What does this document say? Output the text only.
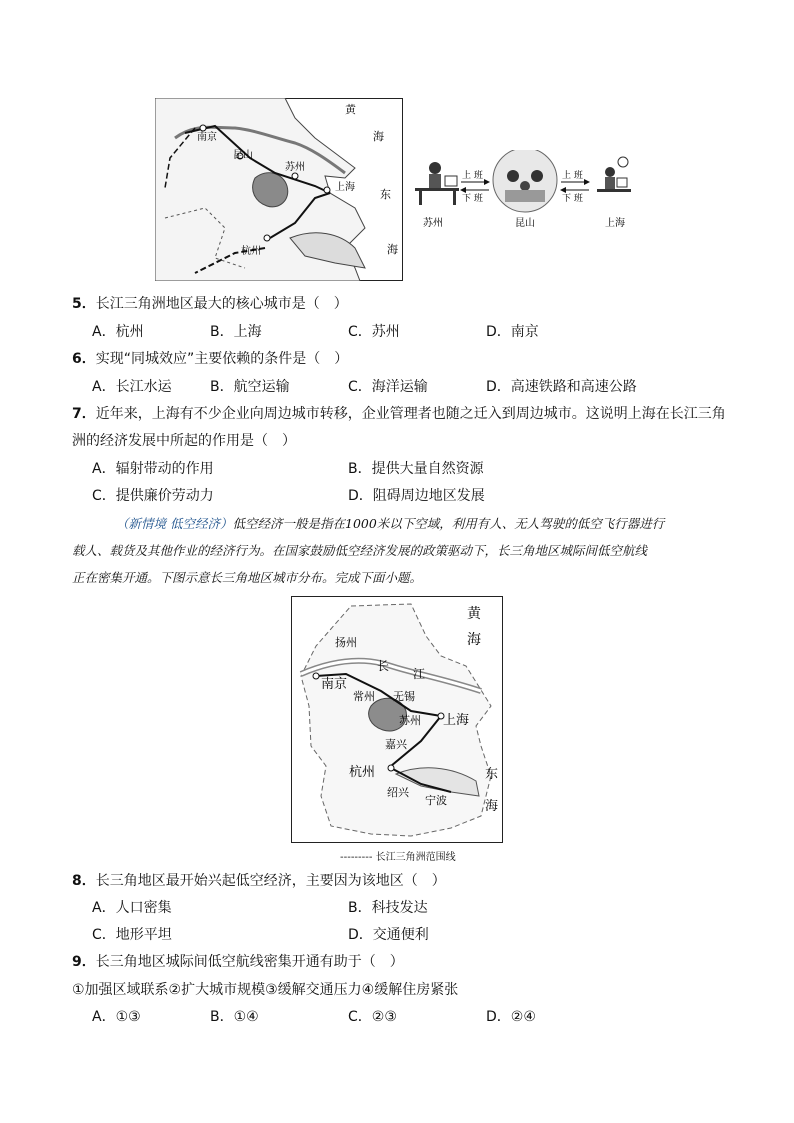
黄
海
东
海
南京
昆山
苏州
上海
杭州
上 班
下 班
上 班
下 班
苏州	昆山	上海
5．长江三角洲地区最大的核心城市是（　）
A．杭州	B．上海	C．苏州	D．南京
6．实现“同城效应”主要依赖的条件是（　）
A．长江水运	B．航空运输	C．海洋运输	D．高速铁路和高速公路
7．近年来，上海有不少企业向周边城市转移，企业管理者也随之迁入到周边城市。这说明上海在长江三角
洲的经济发展中所起的作用是（　）
A．辐射带动的作用	B．提供大量自然资源
C．提供廉价劳动力	D．阻碍周边地区发展
（新情境 低空经济）低空经济一般是指在1000米以下空域，利用有人、无人驾驶的低空飞行器进行
载人、载货及其他作业的经济行为。在国家鼓励低空经济发展的政策驱动下，长三角地区城际间低空航线
正在密集开通。下图示意长三角地区城市分布。完成下面小题。
黄
海
东
海
扬州
长
江
南京
常州 无锡
苏州 上海
嘉兴
杭州
绍兴
宁波
--------- 长江三角洲范围线
8．长三角地区最开始兴起低空经济，主要因为该地区（　）
A．人口密集	B．科技发达
C．地形平坦	D．交通便利
9．长三角地区城际间低空航线密集开通有助于（　）
①加强区域联系②扩大城市规模③缓解交通压力④缓解住房紧张
A．①③	B．①④	C．②③	D．②④
